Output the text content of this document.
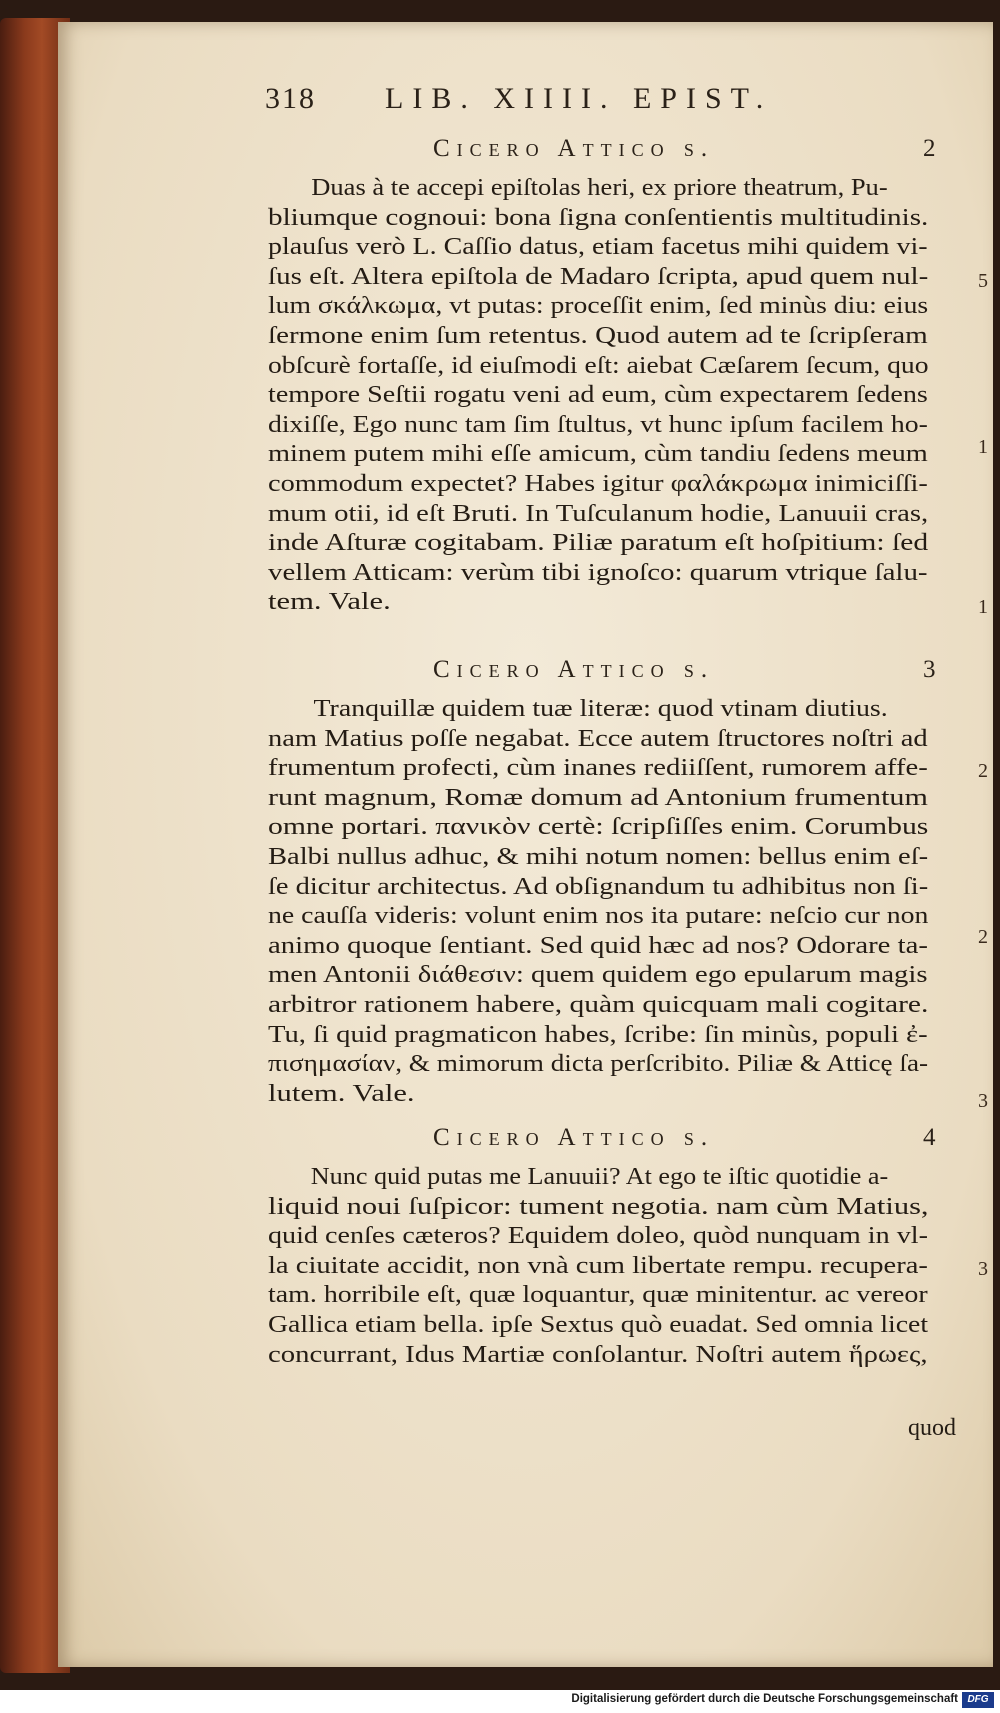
318 LIB. XIIII. EPIST.
Cicero Attico s.	2
Duas à te accepi epiſtolas heri, ex priore theatrum, Pu-
bliumque cognoui: bona ſigna conſentientis multitudinis.
plauſus verò L. Caſſio datus, etiam facetus mihi quidem vi-
ſus eſt. Altera epiſtola de Madaro ſcripta, apud quem nul-
lum σκάλκωμα, vt putas: proceſſit enim, ſed minùs diu: eius
ſermone enim ſum retentus. Quod autem ad te ſcripſeram
obſcurè fortaſſe, id eiuſmodi eſt: aiebat Cæſarem ſecum, quo
tempore Seſtii rogatu veni ad eum, cùm expectarem ſedens
dixiſſe, Ego nunc tam ſim ſtultus, vt hunc ipſum facilem ho-
minem putem mihi eſſe amicum, cùm tandiu ſedens meum
commodum expectet? Habes igitur φαλάκρωμα inimiciſſi-
mum otii, id eſt Bruti. In Tuſculanum hodie, Lanuuii cras,
inde Aſturæ cogitabam. Piliæ paratum eſt hoſpitium: ſed
vellem Atticam: verùm tibi ignoſco: quarum vtrique ſalu-
tem. Vale.
Cicero Attico s.	3
Tranquillæ quidem tuæ literæ: quod vtinam diutius.
nam Matius poſſe negabat. Ecce autem ſtructores noſtri ad
frumentum profecti, cùm inanes rediiſſent, rumorem affe-
runt magnum, Romæ domum ad Antonium frumentum
omne portari. πανικὸν certè: ſcripſiſſes enim. Corumbus
Balbi nullus adhuc, & mihi notum nomen: bellus enim eſ-
ſe dicitur architectus. Ad obſignandum tu adhibitus non ſi-
ne cauſſa videris: volunt enim nos ita putare: neſcio cur non
animo quoque ſentiant. Sed quid hæc ad nos? Odorare ta-
men Antonii διάθεσιν: quem quidem ego epularum magis
arbitror rationem habere, quàm quicquam mali cogitare.
Tu, ſi quid pragmaticon habes, ſcribe: ſin minùs, populi ἐ-
πισημασίαν, & mimorum dicta perſcribito. Piliæ & Atticę ſa-
lutem. Vale.
Cicero Attico s.	4
Nunc quid putas me Lanuuii? At ego te iſtic quotidie a-
liquid noui ſuſpicor: tument negotia. nam cùm Matius,
quid cenſes cæteros? Equidem doleo, quòd nunquam in vl-
la ciuitate accidit, non vnà cum libertate rempu. recupera-
tam. horribile eſt, quæ loquantur, quæ minitentur. ac vereor
Gallica etiam bella. ipſe Sextus quò euadat. Sed omnia licet
concurrant, Idus Martiæ conſolantur. Noſtri autem ἥρωες,
quod
5
1
1
2
2
3
3
Digitalisierung gefördert durch die Deutsche Forschungsgemeinschaft DFG
